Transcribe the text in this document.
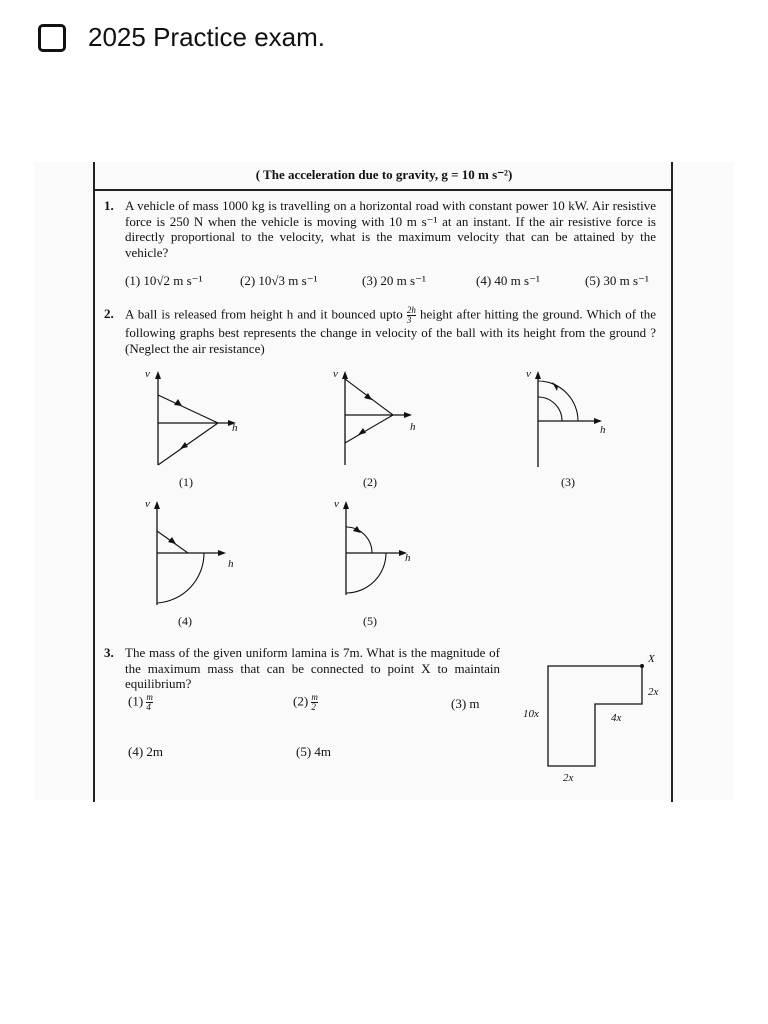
2025 Practice exam.
( The acceleration due to gravity, g = 10 m s⁻²)
1. A vehicle of mass 1000 kg is travelling on a horizontal road with constant power 10 kW. Air resistive force is 250 N when the vehicle is moving with 10 m s⁻¹ at an instant. If the air resistive force is directly proportional to the velocity, what is the maximum velocity that can be attained by the vehicle?
(1) 10√2 m s⁻¹	(2) 10√3 m s⁻¹	(3) 20 m s⁻¹	(4) 40 m s⁻¹	(5) 30 m s⁻¹
2. A ball is released from height h and it bounced upto $\frac{2h}{3}$ height after hitting the ground. Which of the following graphs best represents the change in velocity of the ball with its height from the ground ? (Neglect the air resistance)
v
h
(1)
v
h
(2)
v
h
(3)
v
h
(4)
v
h
(5)
3. The mass of the given uniform lamina is 7m. What is the magnitude of the maximum mass that can be connected to point X to maintain equilibrium?
$(1) \frac{m}{4}$	$(2) \frac{m}{2}$	(3) m
(4) 2m	(5) 4m
X
2x
10x	4x
2x
